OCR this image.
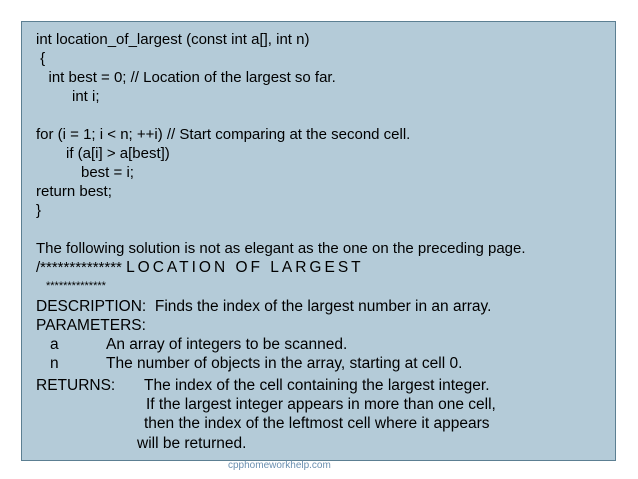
int location_of_largest (const int a[], int n)
{
int best = 0; // Location of the largest so far.
int i;
for (i = 1; i < n; ++i) // Start comparing at the second cell.
if (a[i] > a[best])
best = i;
return best;
}
The following solution is not as elegant as the one on the preceding page.
/************** LOCATION OF LARGEST
**************
DESCRIPTION:  Finds the index of the largest number in an array.
PARAMETERS:
a	An array of integers to be scanned.
n	The number of objects in the array, starting at cell 0.
RETURNS: The index of the cell containing the largest integer.
If the largest integer appears in more than one cell,
then the index of the leftmost cell where it appears
will be returned.
cpphomeworkhelp.com
